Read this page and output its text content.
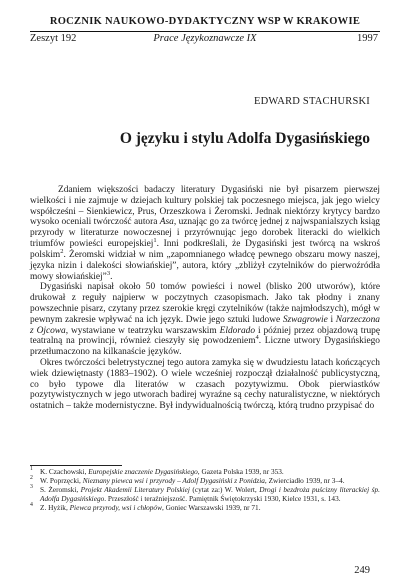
ROCZNIK NAUKOWO-DYDAKTYCZNY WSP W KRAKOWIE
Zeszyt 192	Prace Językoznawcze IX	1997
EDWARD STACHURSKI
O języku i stylu Adolfa Dygasińskiego

Zdaniem większości badaczy literatury Dygasiński nie był pisarzem pierwszej wielkości i nie zajmuje w dziejach kultury polskiej tak poczesnego miejsca, jak jego wielcy współcześni – Sienkiewicz, Prus, Orzeszkowa i Żeromski. Jednak niektórzy krytycy bardzo wysoko oceniali twórczość autora Asa, uznając go za twórcę jednej z najwspanialszych ksiąg przyrody w literaturze nowoczesnej i przyrównując jego dorobek literacki do wielkich triumfów powieści europejskiej$^1$. Inni podkreślali, że Dygasiński jest twórcą na wskroś polskim$^2$. Żeromski widział w nim „zapomnianego władcę pewnego obszaru mowy naszej, języka nizin i dalekości słowiańskiej”, autora, który „zbliżył czytelników do pierwoźródła mowy słowiańskiej”$^3$.

Dygasiński napisał około 50 tomów powieści i nowel (blisko 200 utworów), które drukował z reguły najpierw w poczytnych czasopismach. Jako tak płodny i znany powszechnie pisarz, czytany przez szerokie kręgi czytelników (także najmłodszych), mógł w pewnym zakresie wpływać na ich język. Dwie jego sztuki ludowe Szwagrowie i Narzeczona z Ojcowa, wystawiane w teatrzyku warszawskim Eldorado i później przez objazdową trupę teatralną na prowincji, również cieszyły się powodzeniem$^4$. Liczne utwory Dygasińskiego przetłumaczono na kilkanaście języków.

Okres twórczości beletrystycznej tego autora zamyka się w dwudziestu latach kończących wiek dziewiętnasty (1883–1902). O wiele wcześniej rozpoczął działalność publicystyczną, co było typowe dla literatów w czasach pozytywizmu. Obok pierwiastków pozytywistycznych w jego utworach badirej wyraźne są cechy naturalistyczne, w niektórych ostatnich – także modernistyczne. Był indywidualnością twórczą, którą trudno przypisać do

1 K. Czachowski, Europejskie znaczenie Dygasińskiego, Gazeta Polska 1939, nr 353.

2 W. Poprzęcki, Nieznany piewca wsi i przyrody – Adolf Dygasiński z Ponidzia, Zwierciadło 1939, nr 3–4.

3 S. Żeromski, Projekt Akademii Literatury Polskiej (cytat za:) W. Wolert, Drogi i bezdroża puścizny literackiej śp. Adolfa Dygasińskiego. Przeszłość i teraźniejszość. Pamiętnik Świętokrzyski 1930, Kielce 1931, s. 143.

4 Z. Hyżik, Piewca przyrody, wsi i chłopów, Goniec Warszawski 1939, nr 71.

249
